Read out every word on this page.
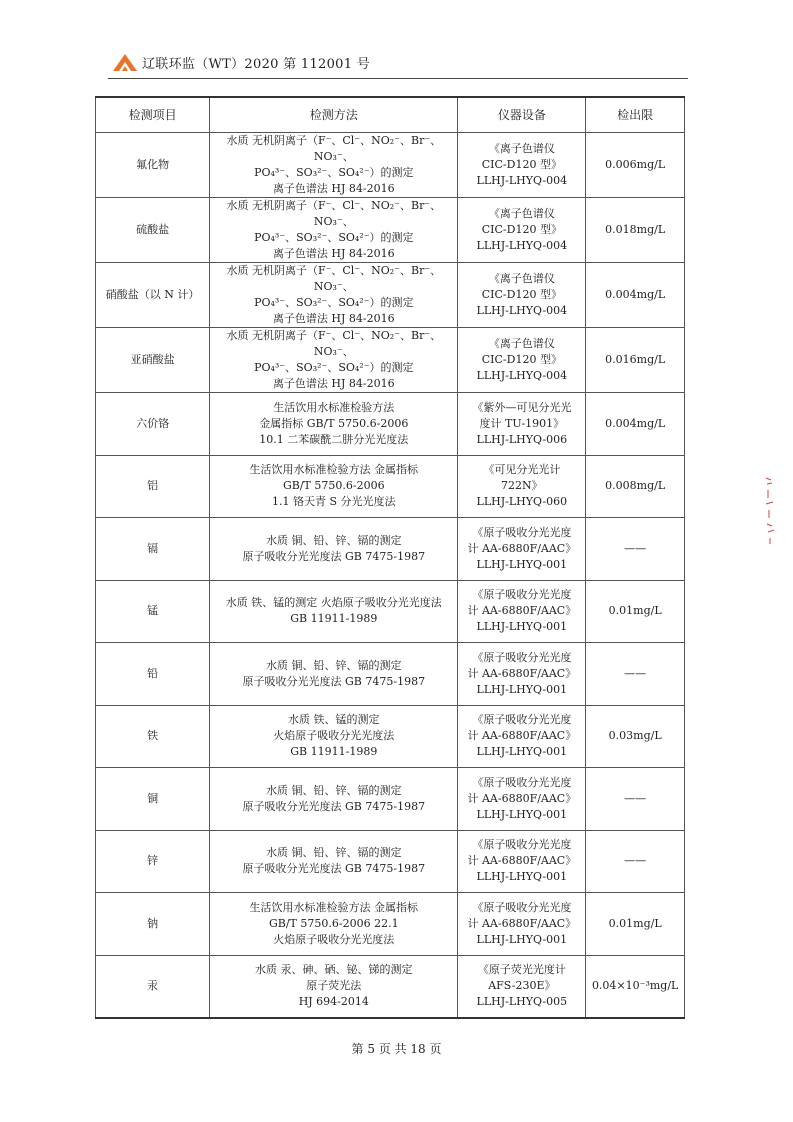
辽联环监（WT）2020 第 112001 号
检测项目	检测方法	仪器设备	检出限
氟化物	水质 无机阴离子（F⁻、Cl⁻、NO₂⁻、Br⁻、NO₃⁻、
PO₄³⁻、SO₃²⁻、SO₄²⁻）的测定
离子色谱法 HJ 84-2016	《离子色谱仪
CIC-D120 型》
LLHJ-LHYQ-004	0.006mg/L
硫酸盐	水质 无机阴离子（F⁻、Cl⁻、NO₂⁻、Br⁻、NO₃⁻、
PO₄³⁻、SO₃²⁻、SO₄²⁻）的测定
离子色谱法 HJ 84-2016	《离子色谱仪
CIC-D120 型》
LLHJ-LHYQ-004	0.018mg/L
硝酸盐（以 N 计）	水质 无机阴离子（F⁻、Cl⁻、NO₂⁻、Br⁻、NO₃⁻、
PO₄³⁻、SO₃²⁻、SO₄²⁻）的测定
离子色谱法 HJ 84-2016	《离子色谱仪
CIC-D120 型》
LLHJ-LHYQ-004	0.004mg/L
亚硝酸盐	水质 无机阴离子（F⁻、Cl⁻、NO₂⁻、Br⁻、NO₃⁻、
PO₄³⁻、SO₃²⁻、SO₄²⁻）的测定
离子色谱法 HJ 84-2016	《离子色谱仪
CIC-D120 型》
LLHJ-LHYQ-004	0.016mg/L
六价铬	生活饮用水标准检验方法
金属指标 GB/T 5750.6-2006
10.1 二苯碳酰二肼分光光度法	《紫外—可见分光光
度计 TU-1901》
LLHJ-LHYQ-006	0.004mg/L
铝	生活饮用水标准检验方法 金属指标
GB/T 5750.6-2006
1.1 铬天青 S 分光光度法	《可见分光光计
722N》
LLHJ-LHYQ-060	0.008mg/L
镉	水质 铜、铅、锌、镉的测定
原子吸收分光光度法 GB 7475-1987	《原子吸收分光光度
计 AA-6880F/AAC》
LLHJ-LHYQ-001	——
锰	水质 铁、锰的测定 火焰原子吸收分光光度法
GB 11911-1989	《原子吸收分光光度
计 AA-6880F/AAC》
LLHJ-LHYQ-001	0.01mg/L
铅	水质 铜、铅、锌、镉的测定
原子吸收分光光度法 GB 7475-1987	《原子吸收分光光度
计 AA-6880F/AAC》
LLHJ-LHYQ-001	——
铁	水质 铁、锰的测定
火焰原子吸收分光光度法
GB 11911-1989	《原子吸收分光光度
计 AA-6880F/AAC》
LLHJ-LHYQ-001	0.03mg/L
铜	水质 铜、铅、锌、镉的测定
原子吸收分光光度法 GB 7475-1987	《原子吸收分光光度
计 AA-6880F/AAC》
LLHJ-LHYQ-001	——
锌	水质 铜、铅、锌、镉的测定
原子吸收分光光度法 GB 7475-1987	《原子吸收分光光度
计 AA-6880F/AAC》
LLHJ-LHYQ-001	——
钠	生活饮用水标准检验方法 金属指标
GB/T 5750.6-2006 22.1
火焰原子吸收分光光度法	《原子吸收分光光度
计 AA-6880F/AAC》
LLHJ-LHYQ-001	0.01mg/L
汞	水质 汞、砷、硒、铋、锑的测定
原子荧光法
HJ 694-2014	《原子荧光光度计
AFS-230E》
LLHJ-LHYQ-005	0.04×10⁻³mg/L
第 5 页 共 18 页
